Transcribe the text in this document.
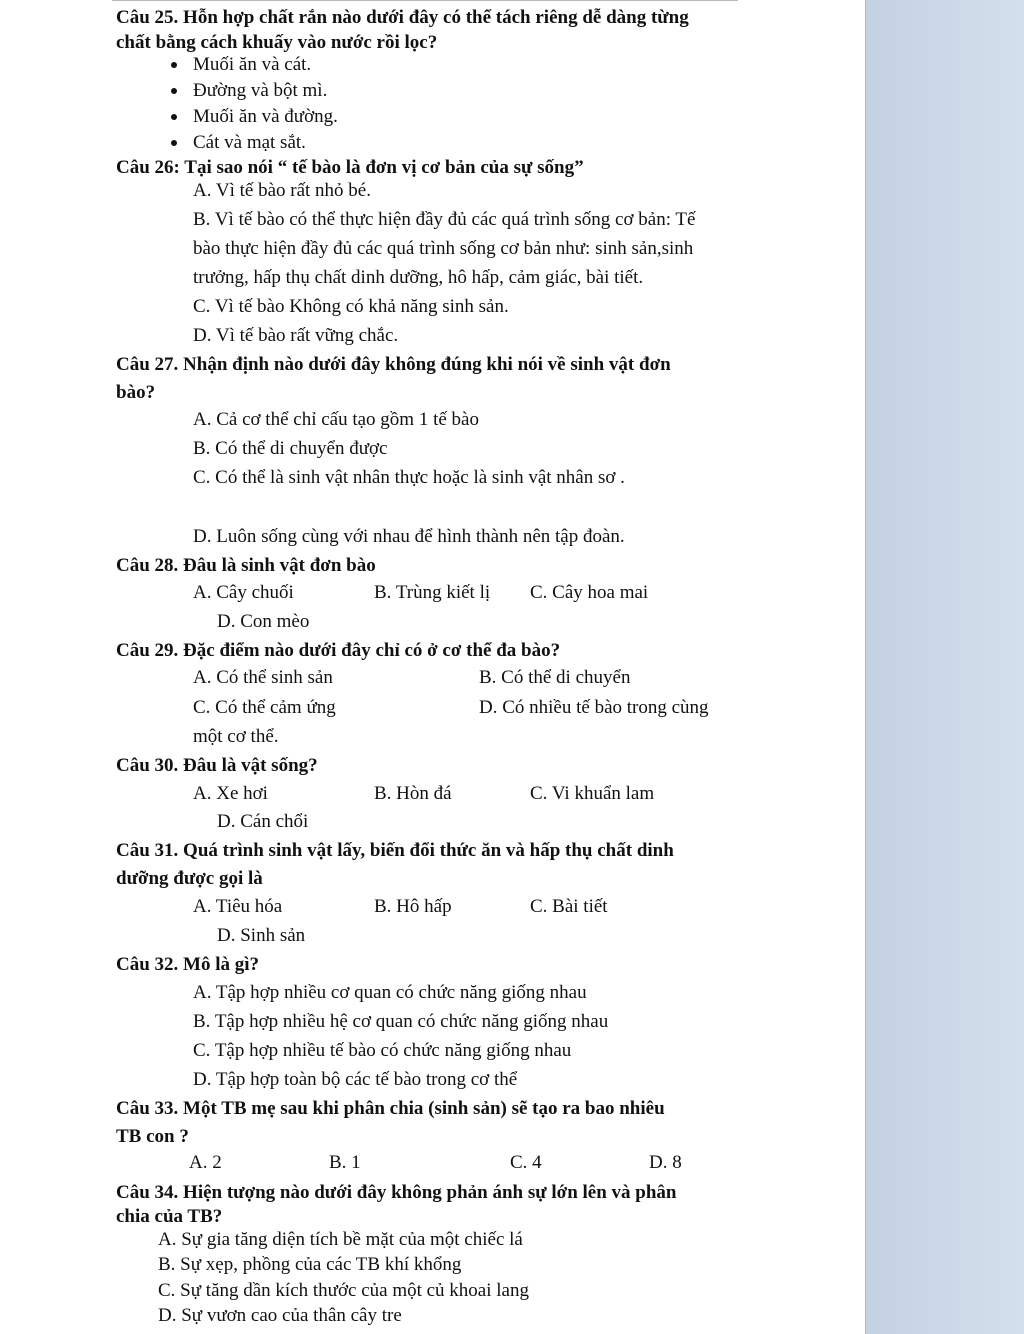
Câu 25. Hỗn hợp chất rắn nào dưới đây có thể tách riêng dễ dàng từng
chất bằng cách khuấy vào nước rồi lọc?
Muối ăn và cát.
Đường và bột mì.
Muối ăn và đường.
Cát và mạt sắt.
Câu 26: Tại sao nói “ tế bào là đơn vị cơ bản của sự sống”
A. Vì tế bào rất nhỏ bé.
B. Vì tế bào có thể thực hiện đầy đủ các quá trình sống cơ bản: Tế
bào thực hiện đầy đủ các quá trình sống cơ bản như: sinh sản,sinh
trưởng, hấp thụ chất dinh dưỡng, hô hấp, cảm giác, bài tiết.
C. Vì tế bào Không có khả năng sinh sản.
D. Vì tế bào rất vững chắc.
Câu 27. Nhận định nào dưới đây không đúng khi nói về sinh vật đơn
bào?
A. Cả cơ thể chỉ cấu tạo gồm 1 tế bào
B. Có thể di chuyển được
C. Có thể là sinh vật nhân thực hoặc là sinh vật nhân sơ .
D. Luôn sống cùng với nhau để hình thành nên tập đoàn.
Câu 28. Đâu là sinh vật đơn bào
A. Cây chuối	B. Trùng kiết lị C. Cây hoa mai
D. Con mèo
Câu 29. Đặc điểm nào dưới đây chỉ có ở cơ thể đa bào?
A. Có thể sinh sản	B. Có thể di chuyển
C. Có thể cảm ứng	D. Có nhiều tế bào trong cùng
một cơ thể.
Câu 30. Đâu là vật sống?
A. Xe hơi	B. Hòn đá	C. Vi khuẩn lam
D. Cán chổi
Câu 31. Quá trình sinh vật lấy, biến đổi thức ăn và hấp thụ chất dinh
dưỡng được gọi là
A. Tiêu hóa	B. Hô hấp	C. Bài tiết
D. Sinh sản
Câu 32. Mô là gì?
A. Tập hợp nhiều cơ quan có chức năng giống nhau
B. Tập hợp nhiều hệ cơ quan có chức năng giống nhau
C. Tập hợp nhiều tế bào có chức năng giống nhau
D. Tập hợp toàn bộ các tế bào trong cơ thể
Câu 33. Một TB mẹ sau khi phân chia (sinh sản) sẽ tạo ra bao nhiêu
TB con ?
A. 2	B. 1	C. 4	D. 8
Câu 34. Hiện tượng nào dưới đây không phản ánh sự lớn lên và phân
chia của TB?
A. Sự gia tăng diện tích bề mặt của một chiếc lá
B. Sự xẹp, phồng của các TB khí khổng
C. Sự tăng dần kích thước của một củ khoai lang
D. Sự vươn cao của thân cây tre
